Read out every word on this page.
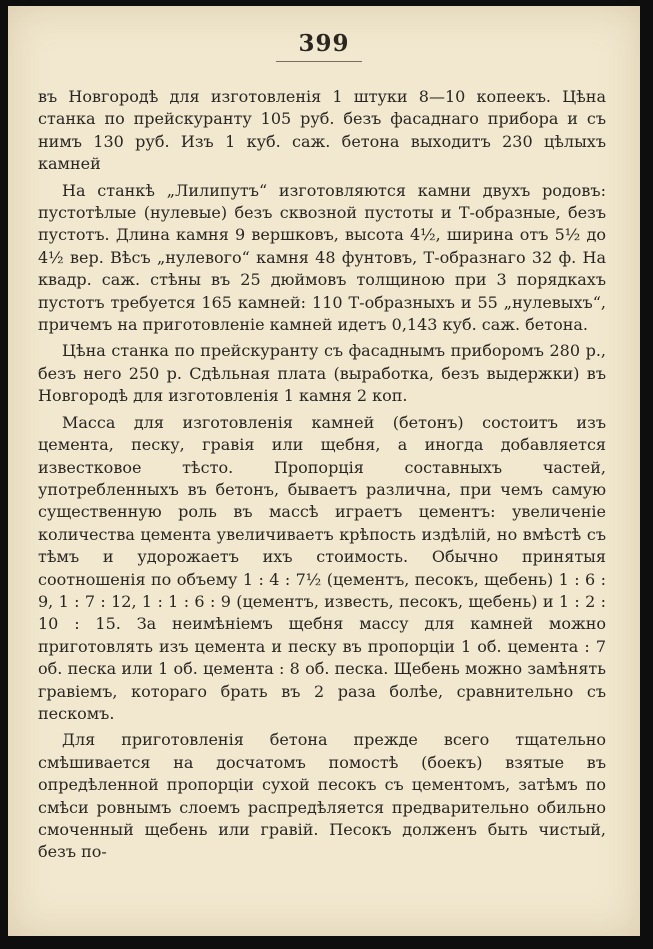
399

въ Новгородѣ для изготовленія 1 штуки 8—10 копеекъ. Цѣна станка по прейскуранту 105 руб. безъ фасаднаго прибора и съ нимъ 130 руб. Изъ 1 куб. саж. бетона выходитъ 230 цѣлыхъ камней

На станкѣ „Лилипутъ“ изготовляются камни двухъ родовъ: пустотѣлые (нулевые) безъ сквозной пустоты и Т-образные, безъ пустотъ. Длина камня 9 вершковъ, высота 4½, ширина отъ 5½ до 4½ вер. Вѣсъ „нулевого“ камня 48 фунтовъ, Т-образнаго 32 ф. На квадр. саж. стѣны въ 25 дюймовъ толщиною при 3 порядкахъ пустотъ требуется 165 камней: 110 Т-образныхъ и 55 „нулевыхъ“, причемъ на приготовленіе камней идетъ 0,143 куб. саж. бетона.

Цѣна станка по прейскуранту съ фасаднымъ приборомъ 280 р., безъ него 250 р. Сдѣльная плата (выработка, безъ выдержки) въ Новгородѣ для изготовленія 1 камня 2 коп.

Масса для изготовленія камней (бетонъ) состоитъ изъ цемента, песку, гравія или щебня, а иногда добавляется известковое тѣсто. Пропорція составныхъ частей, употребленныхъ въ бетонъ, бываетъ различна, при чемъ самую существенную роль въ массѣ играетъ цементъ: увеличеніе количества цемента увеличиваетъ крѣпость издѣлій, но вмѣстѣ съ тѣмъ и удорожаетъ ихъ стоимость. Обычно принятыя соотношенія по объему 1 : 4 : 7½ (цементъ, песокъ, щебень) 1 : 6 : 9, 1 : 7 : 12, 1 : 1 : 6 : 9 (цементъ, известь, песокъ, щебень) и 1 : 2 : 10 : 15. За неимѣніемъ щебня массу для камней можно приготовлять изъ цемента и песку въ пропорціи 1 об. цемента : 7 об. песка или 1 об. цемента : 8 об. песка. Щебень можно замѣнять гравіемъ, котораго брать въ 2 раза болѣе, сравнительно съ пескомъ.

Для приготовленія бетона прежде всего тщательно смѣшивается на досчатомъ помостѣ (боекъ) взятые въ опредѣленной пропорціи сухой песокъ съ цементомъ, затѣмъ по смѣси ровнымъ слоемъ распредѣляется предварительно обильно смоченный щебень или гравій. Песокъ долженъ быть чистый, безъ по-
